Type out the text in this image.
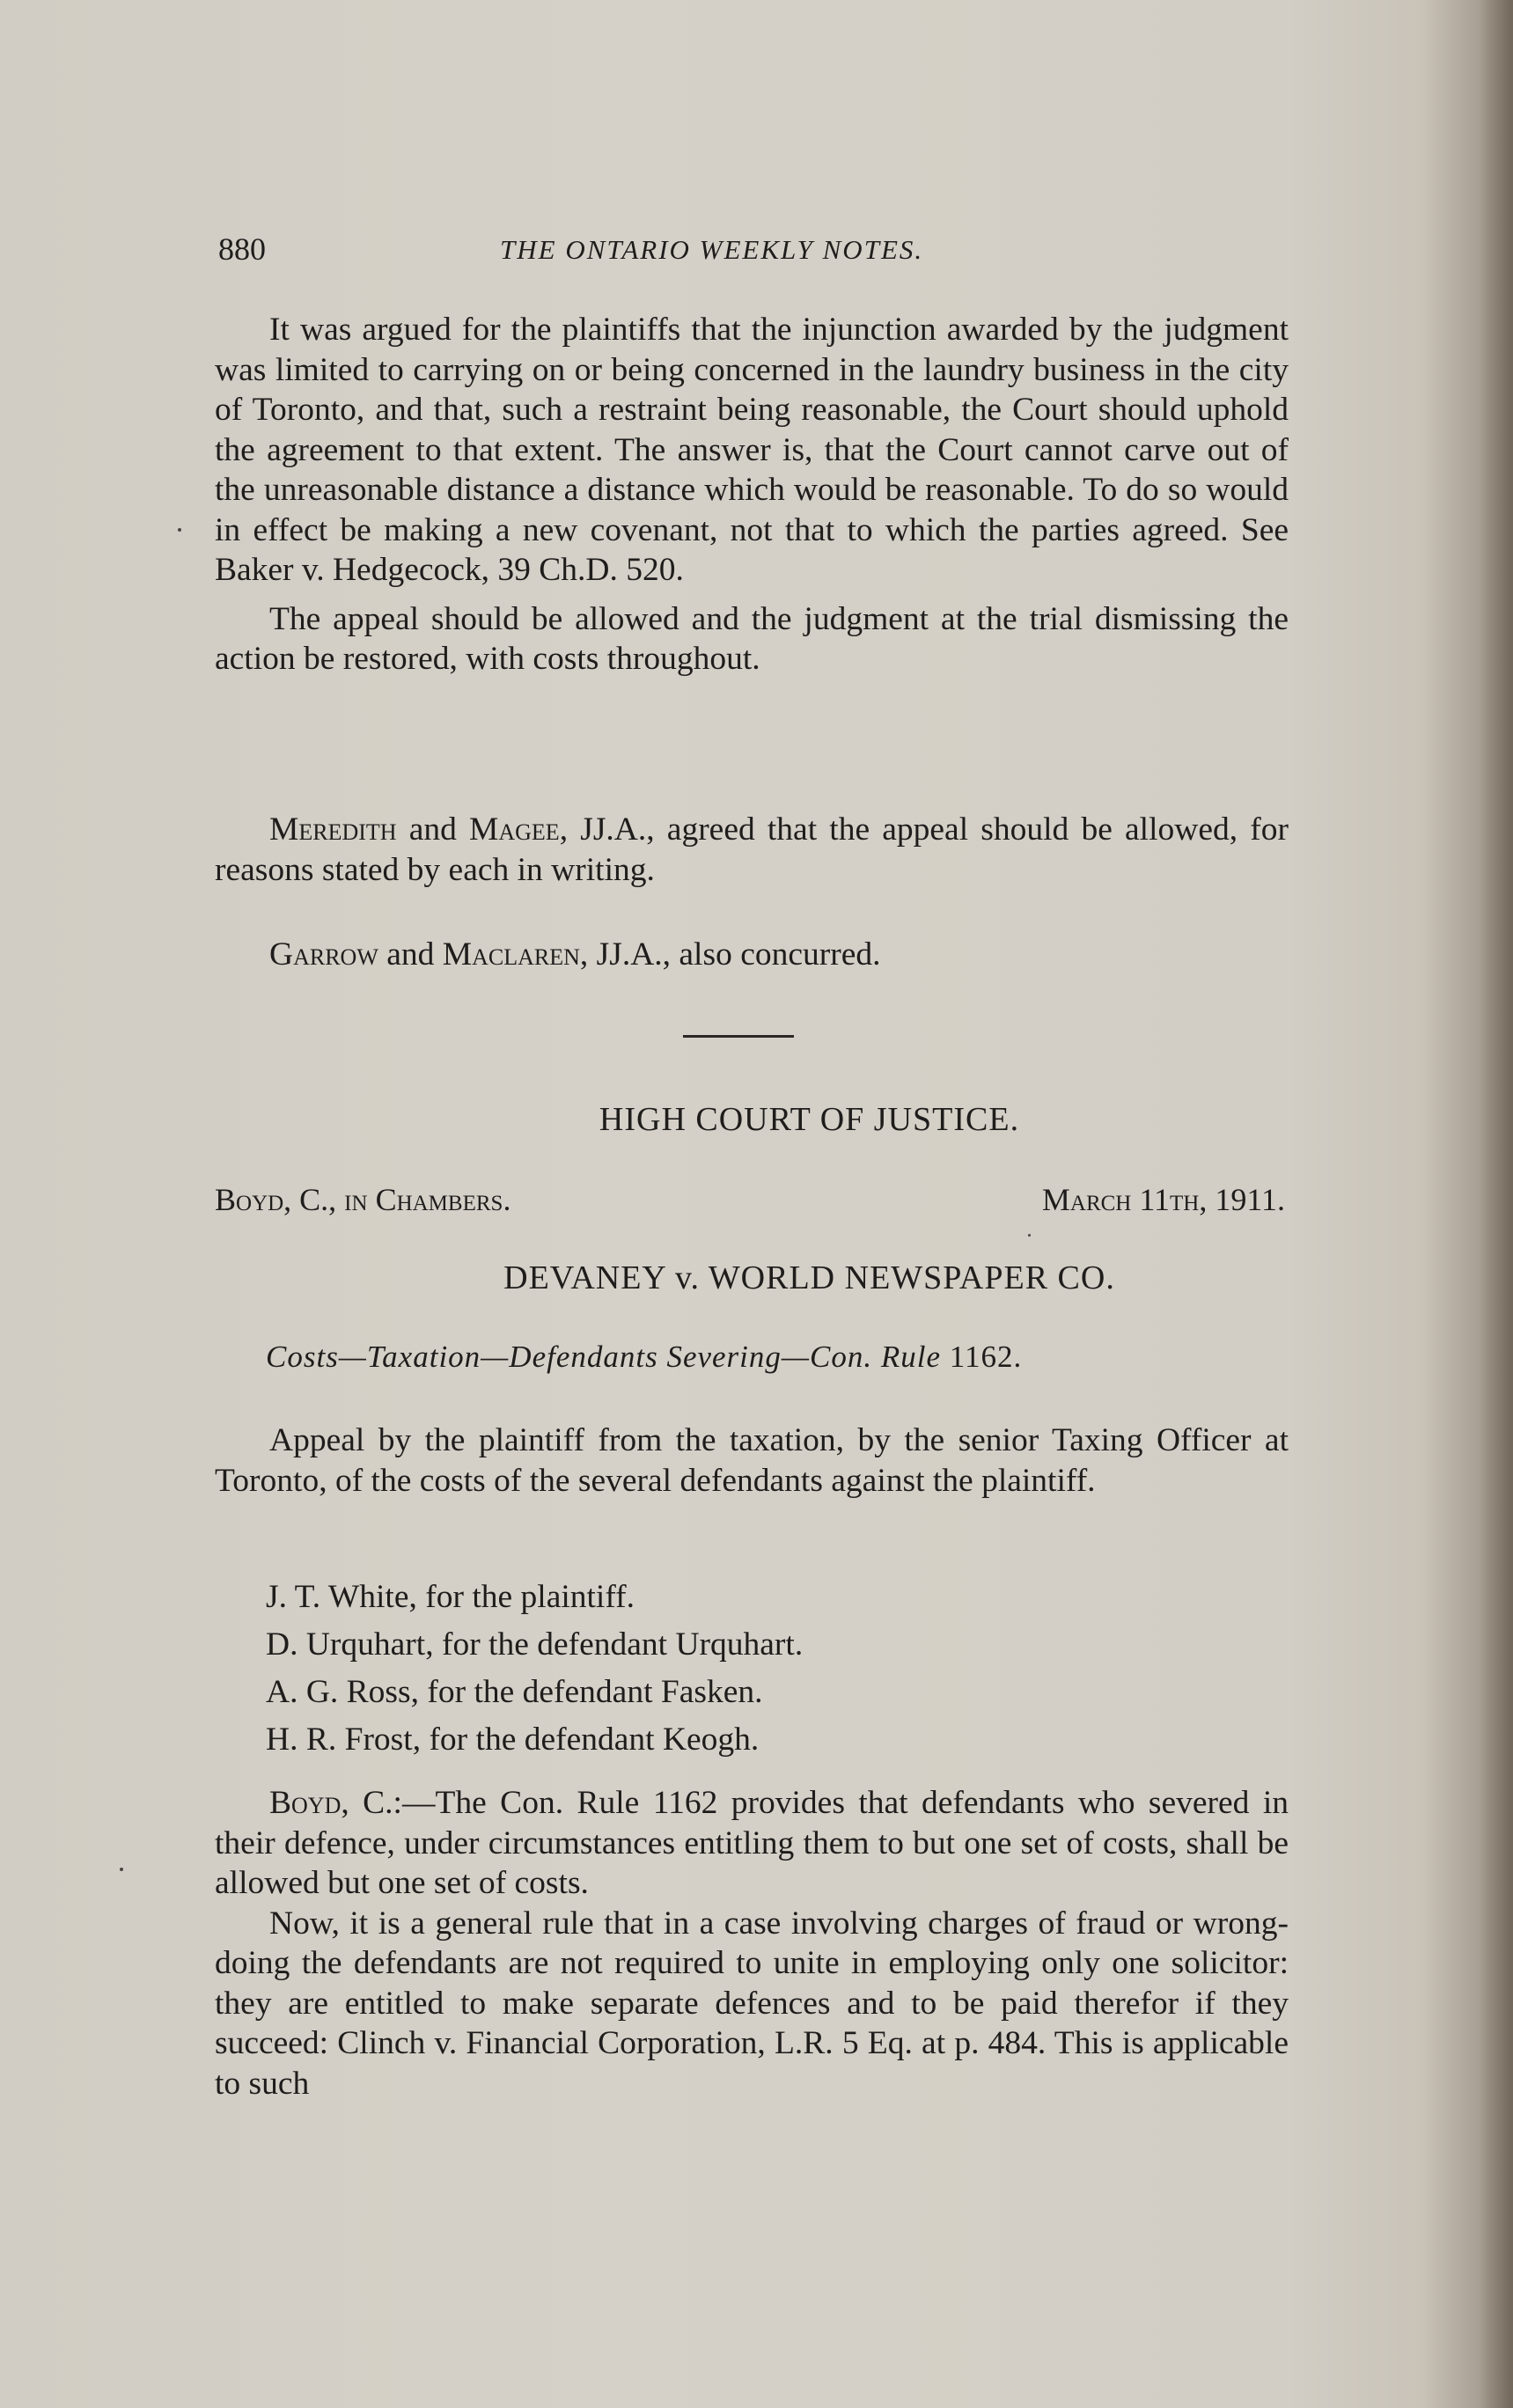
880	THE ONTARIO WEEKLY NOTES.

It was argued for the plaintiffs that the injunction awarded by the judgment was limited to carrying on or being concerned in the laundry business in the city of Toronto, and that, such a restraint being reasonable, the Court should uphold the agreement to that extent. The answer is, that the Court cannot carve out of the unreasonable distance a distance which would be reasonable. To do so would in effect be making a new covenant, not that to which the parties agreed. See Baker v. Hedgecock, 39 Ch.D. 520.

The appeal should be allowed and the judgment at the trial dismissing the action be restored, with costs throughout.

Meredith and Magee, JJ.A., agreed that the appeal should be allowed, for reasons stated by each in writing.

Garrow and Maclaren, JJ.A., also concurred.

HIGH COURT OF JUSTICE.
Boyd, C., in Chambers.	March 11th, 1911.
DEVANEY v. WORLD NEWSPAPER CO.
Costs—Taxation—Defendants Severing—Con. Rule 1162.

Appeal by the plaintiff from the taxation, by the senior Taxing Officer at Toronto, of the costs of the several defendants against the plaintiff.

J. T. White, for the plaintiff.
D. Urquhart, for the defendant Urquhart.
A. G. Ross, for the defendant Fasken.
H. R. Frost, for the defendant Keogh.

Boyd, C.:—The Con. Rule 1162 provides that defendants who severed in their defence, under circumstances entitling them to but one set of costs, shall be allowed but one set of costs.

Now, it is a general rule that in a case involving charges of fraud or wrong-doing the defendants are not required to unite in employing only one solicitor: they are entitled to make separate defences and to be paid therefor if they succeed: Clinch v. Financial Corporation, L.R. 5 Eq. at p. 484. This is applicable to such
